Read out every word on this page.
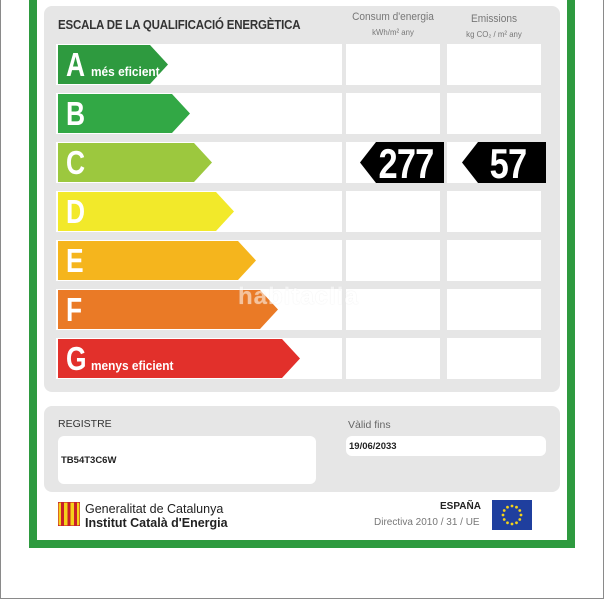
ESCALA DE LA QUALIFICACIÓ ENERGÈTICA
Consum d'energia
kWh/m² any
Emissions
kg CO₂ / m² any
A més eficient
B
C
D
E
F
G menys eficient
277	57
habitaclia
REGISTRE
TB54T3C6W
Vàlid fins
19/06/2033
Generalitat de Catalunya
Institut Català d'Energia
ESPAÑA
Directiva 2010 / 31 / UE
